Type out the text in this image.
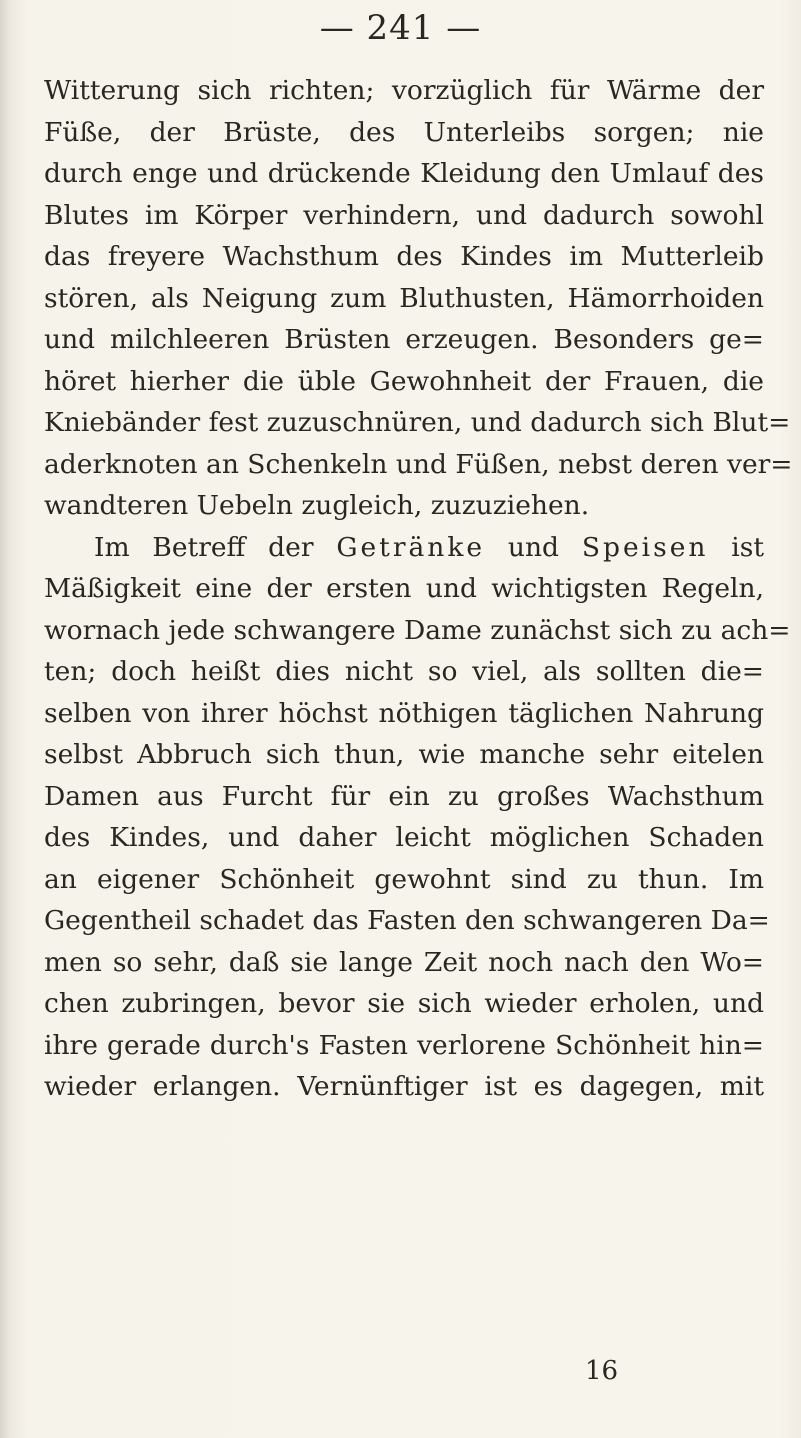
— 241 —
Witterung sich richten; vorzüglich für Wärme der
Füße, der Brüste, des Unterleibs sorgen; nie
durch enge und drückende Kleidung den Umlauf des
Blutes im Körper verhindern, und dadurch sowohl
das freyere Wachsthum des Kindes im Mutterleib
stören, als Neigung zum Bluthusten, Hämorrhoiden
und milchleeren Brüsten erzeugen. Besonders ge=
höret hierher die üble Gewohnheit der Frauen, die
Kniebänder fest zuzuschnüren, und dadurch sich Blut=
aderknoten an Schenkeln und Füßen, nebst deren ver=
wandteren Uebeln zugleich, zuzuziehen.
Im Betreff der Getränke und Speisen ist
Mäßigkeit eine der ersten und wichtigsten Regeln,
wornach jede schwangere Dame zunächst sich zu ach=
ten; doch heißt dies nicht so viel, als sollten die=
selben von ihrer höchst nöthigen täglichen Nahrung
selbst Abbruch sich thun, wie manche sehr eitelen
Damen aus Furcht für ein zu großes Wachsthum
des Kindes, und daher leicht möglichen Schaden
an eigener Schönheit gewohnt sind zu thun. Im
Gegentheil schadet das Fasten den schwangeren Da=
men so sehr, daß sie lange Zeit noch nach den Wo=
chen zubringen, bevor sie sich wieder erholen, und
ihre gerade durch's Fasten verlorene Schönheit hin=
wieder erlangen. Vernünftiger ist es dagegen, mit
16
